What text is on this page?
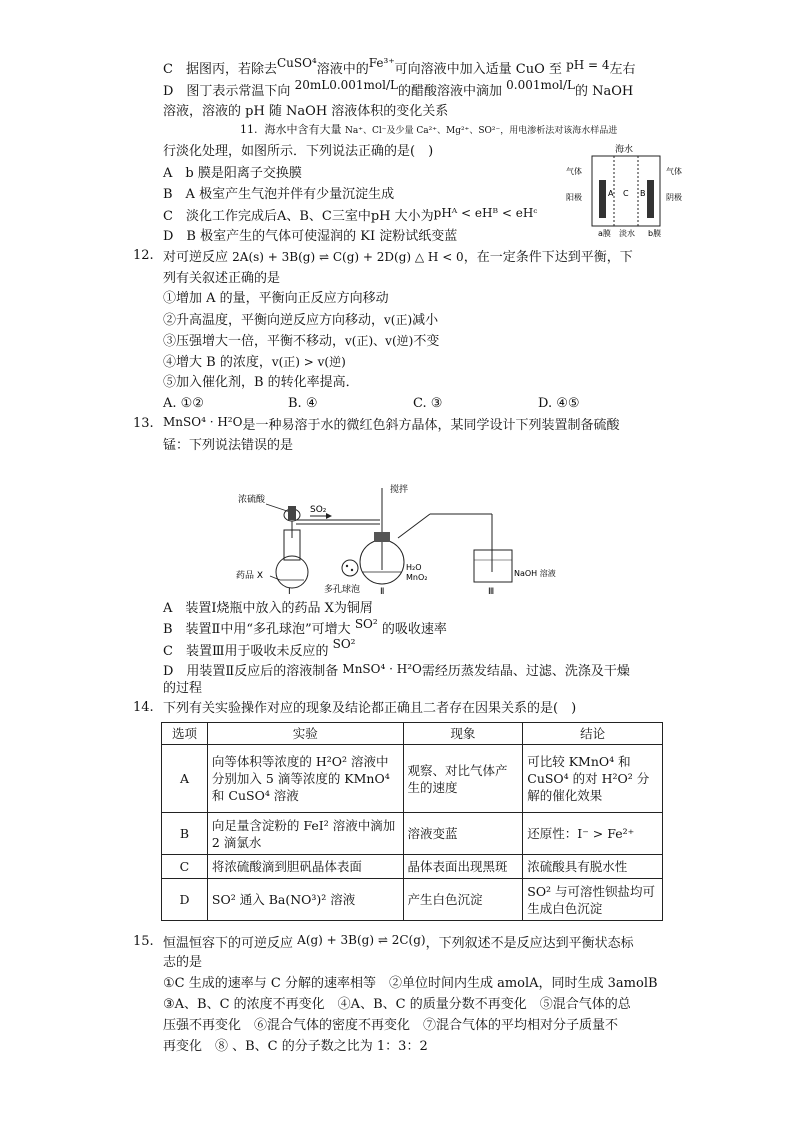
C　据图丙，若除去CuSO⁴溶液中的Fe³⁺可向溶液中加入适量 CuO 至 pH = 4左右
D　图丁表示常温下向 20mL0.001mol/L的醋酸溶液中滴加 0.001mol/L的 NaOH
溶液，溶液的 pH 随 NaOH 溶液体积的变化关系
11. 海水中含有大量 Na⁺、Cl⁻及少量 Ca²⁺、Mg²⁺、SO²⁻，用电渗析法对该海水样品进
行淡化处理，如图所示．下列说法正确的是(　)
A　b 膜是阳离子交换膜
B　A 极室产生气泡并伴有少量沉淀生成
C　淡化工作完成后A、B、C三室中pH 大小为pHᴬ < eHᴮ < eHᶜ
D　B 极室产生的气体可使湿润的 KI 淀粉试纸变蓝
海水
气体	气体
阳极	阴极
A C B
a膜 淡水 b膜
12. 对可逆反应 2A(s) + 3B(g) ⇌ C(g) + 2D(g) △ H < 0，在一定条件下达到平衡，下
列有关叙述正确的是
①增加 A 的量，平衡向正反应方向移动
②升高温度，平衡向逆反应方向移动，v(正)减小
③压强增大一倍，平衡不移动，v(正)、v(逆)不变
④增大 B 的浓度，v(正) > v(逆)
⑤加入催化剂，B 的转化率提高．
A. ①②	B. ④	C. ③	D. ④⑤
13. MnSO⁴ · H²O是一种易溶于水的微红色斜方晶体，某同学设计下列装置制备硫酸
锰：下列说法错误的是
浓硫酸
药品 X
Ⅰ
SO₂
搅拌
多孔球泡
H₂O
MnO₂
Ⅱ
NaOH 溶液
Ⅲ
A　装置Ⅰ烧瓶中放入的药品 X为铜屑
B　装置Ⅱ中用“多孔球泡”可增大 SO² 的吸收速率
C　装置Ⅲ用于吸收未反应的 SO²
D　用装置Ⅱ反应后的溶液制备 MnSO⁴ · H²O需经历蒸发结晶、过滤、洗涤及干燥
的过程
14. 下列有关实验操作对应的现象及结论都正确且二者存在因果关系的是(　)
选项	实验	现象	结论
A	向等体积等浓度的 H²O² 溶液中分别加入 5 滴等浓度的 KMnO⁴ 和 CuSO⁴ 溶液	观察、对比气体产生的速度	可比较 KMnO⁴ 和 CuSO⁴ 的对 H²O² 分解的催化效果
B	向足量含淀粉的 FeI² 溶液中滴加 2 滴氯水	溶液变蓝	还原性：I⁻ > Fe²⁺
C	将浓硫酸滴到胆矾晶体表面	晶体表面出现黑斑	浓硫酸具有脱水性
D	SO² 通入 Ba(NO³)² 溶液	产生白色沉淀	SO² 与可溶性钡盐均可生成白色沉淀
15. 恒温恒容下的可逆反应 A(g) + 3B(g) ⇌ 2C(g)，下列叙述不是反应达到平衡状态标
志的是
①C 生成的速率与 C 分解的速率相等　②单位时间内生成 amolA，同时生成 3amolB
③A、B、C 的浓度不再变化　④A、B、C 的质量分数不再变化　⑤混合气体的总
压强不再变化　⑥混合气体的密度不再变化　⑦混合气体的平均相对分子质量不
再变化　⑧ 、B、C 的分子数之比为 1：3：2
